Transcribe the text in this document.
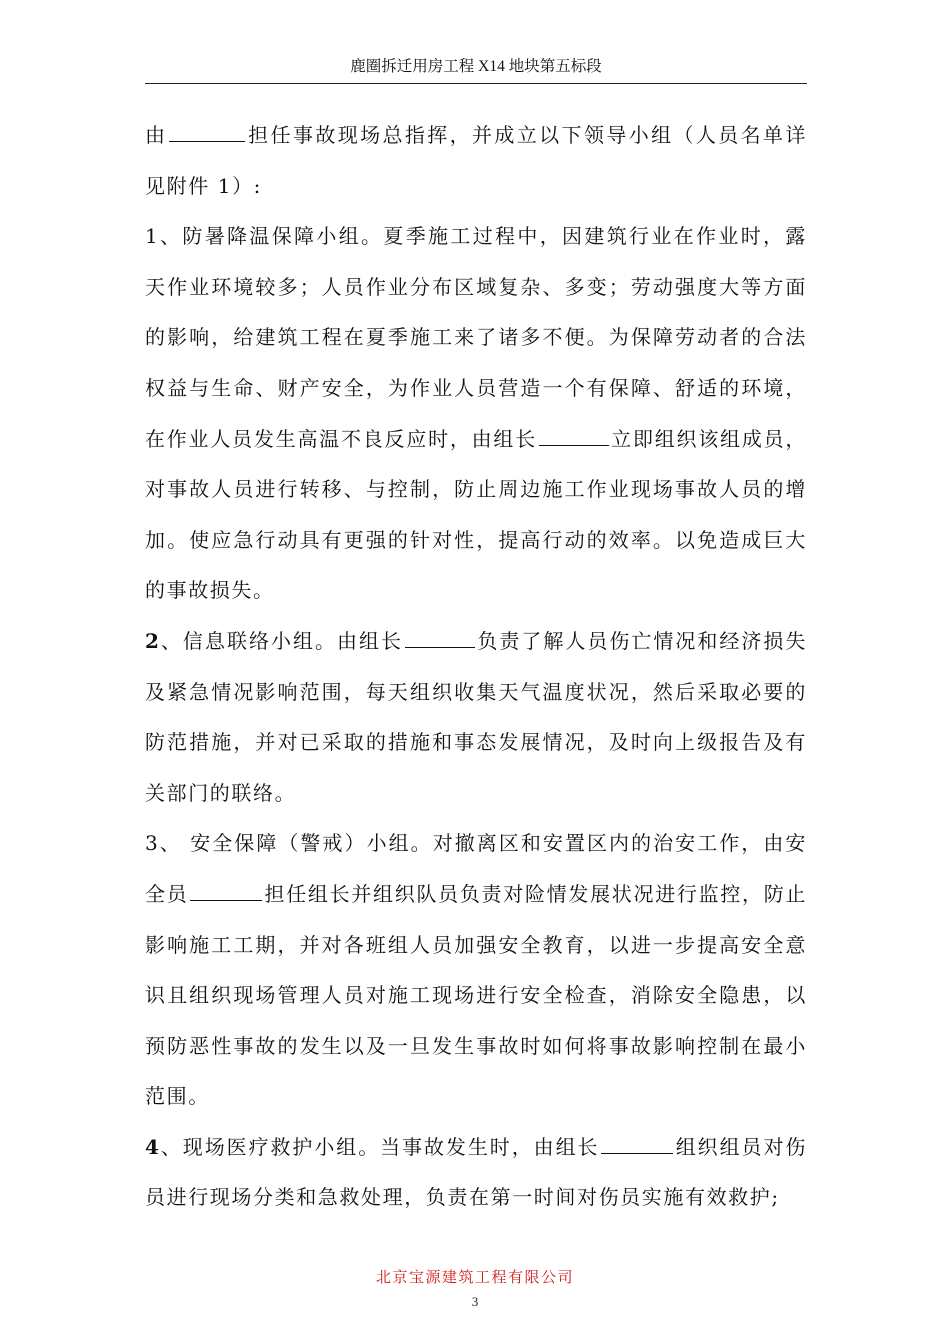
鹿圈拆迁用房工程 X14 地块第五标段

由	担任事故现场总指挥，并成立以下领导小组（人员名单详见附件 1）:

1、防暑降温保障小组。夏季施工过程中，因建筑行业在作业时，露天作业环境较多；人员作业分布区域复杂、多变；劳动强度大等方面的影响，给建筑工程在夏季施工来了诸多不便。为保障劳动者的合法权益与生命、财产安全，为作业人员营造一个有保障、舒适的环境，在作业人员发生高温不良反应时，由组长	立即组织该组成员，对事故人员进行转移、与控制，防止周边施工作业现场事故人员的增加。使应急行动具有更强的针对性，提高行动的效率。以免造成巨大的事故损失。

2、信息联络小组。由组长	负责了解人员伤亡情况和经济损失及紧急情况影响范围，每天组织收集天气温度状况，然后采取必要的防范措施，并对已采取的措施和事态发展情况，及时向上级报告及有关部门的联络。

3、 安全保障（警戒）小组。对撤离区和安置区内的治安工作，由安全员	担任组长并组织队员负责对险情发展状况进行监控，防止影响施工工期，并对各班组人员加强安全教育，以进一步提高安全意识且组织现场管理人员对施工现场进行安全检查，消除安全隐患，以预防恶性事故的发生以及一旦发生事故时如何将事故影响控制在最小范围。

4、现场医疗救护小组。当事故发生时，由组长	组织组员对伤员进行现场分类和急救处理，负责在第一时间对伤员实施有效救护;

北京宝源建筑工程有限公司
3
